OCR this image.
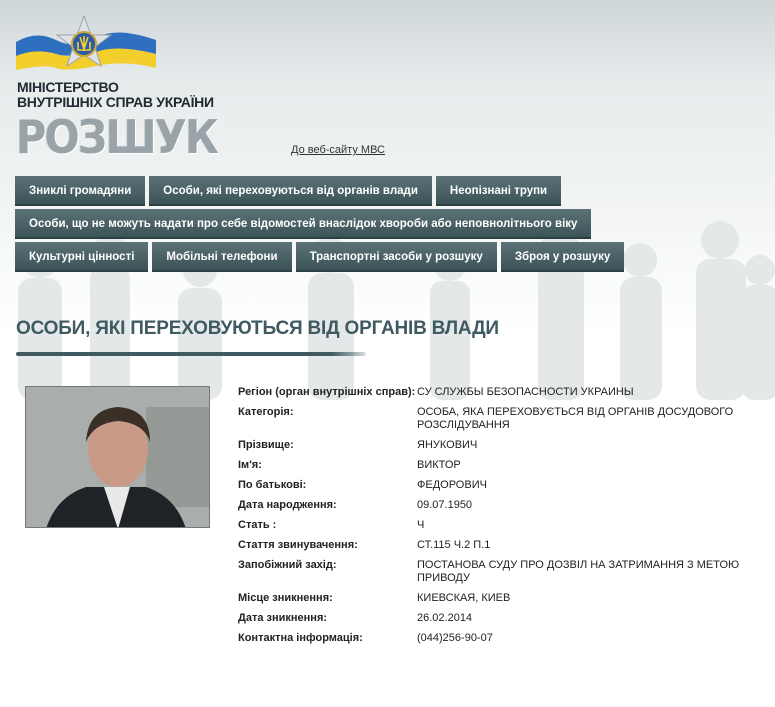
МІНІСТЕРСТВО
ВНУТРІШНІХ СПРАВ УКРАЇНИ
РОЗШУК	До веб-сайту МВС
Зниклі громадяни	Особи, які переховуються від органів влади	Неопізнані трупи
Особи, що не можуть надати про себе відомостей внаслідок хвороби або неповнолітнього віку
Культурні цінності	Мобільні телефони	Транспортні засоби у розшуку	Зброя у розшуку
ОСОБИ, ЯКІ ПЕРЕХОВУЮТЬСЯ ВІД ОРГАНІВ ВЛАДИ
Регіон (орган внутрішніх справ): СУ СЛУЖБЫ БЕЗОПАСНОСТИ УКРАИНЫ
Категорія:	ОСОБА, ЯКА ПЕРЕХОВУЄТЬСЯ ВІД ОРГАНІВ ДОСУДОВОГО РОЗСЛІДУВАННЯ
Прізвище:	ЯНУКОВИЧ
Ім'я:	ВИКТОР
По батькові:	ФЕДОРОВИЧ
Дата народження:	09.07.1950
Стать :	Ч
Стаття звинувачення:	СТ.115 Ч.2 П.1
Запобіжний захід:	ПОСТАНОВА СУДУ ПРО ДОЗВІЛ НА ЗАТРИМАННЯ З МЕТОЮ ПРИВОДУ
Місце зникнення:	КИЕВСКАЯ, КИЕВ
Дата зникнення:	26.02.2014
Контактна інформація:	(044)256-90-07
